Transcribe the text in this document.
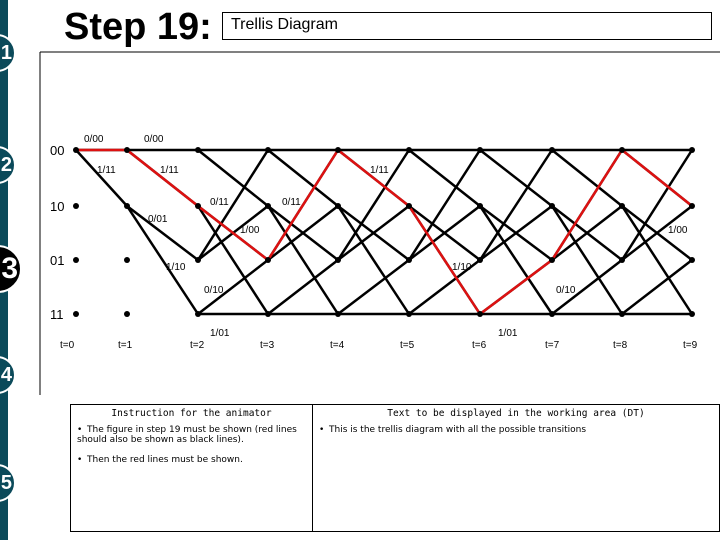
1
2
3
4
5
Step 19: Trellis Diagram
00
10
01
11
t=0	t=1	t=2	t=3	t=4	t=5	t=6	t=7	t=8	t=9
0/00	0/00
1/11	1/11	1/11
0/11	0/11
0/01
1/00	1/00
1/10	1/10
0/10	0/10
1/01	1/01
Instruction for the animator

• The figure in step 19 must be shown (red lines should also be shown as black lines).

• Then the red lines must be shown.

Text to be displayed in the working area (DT)

• This is the trellis diagram with all the possible transitions
